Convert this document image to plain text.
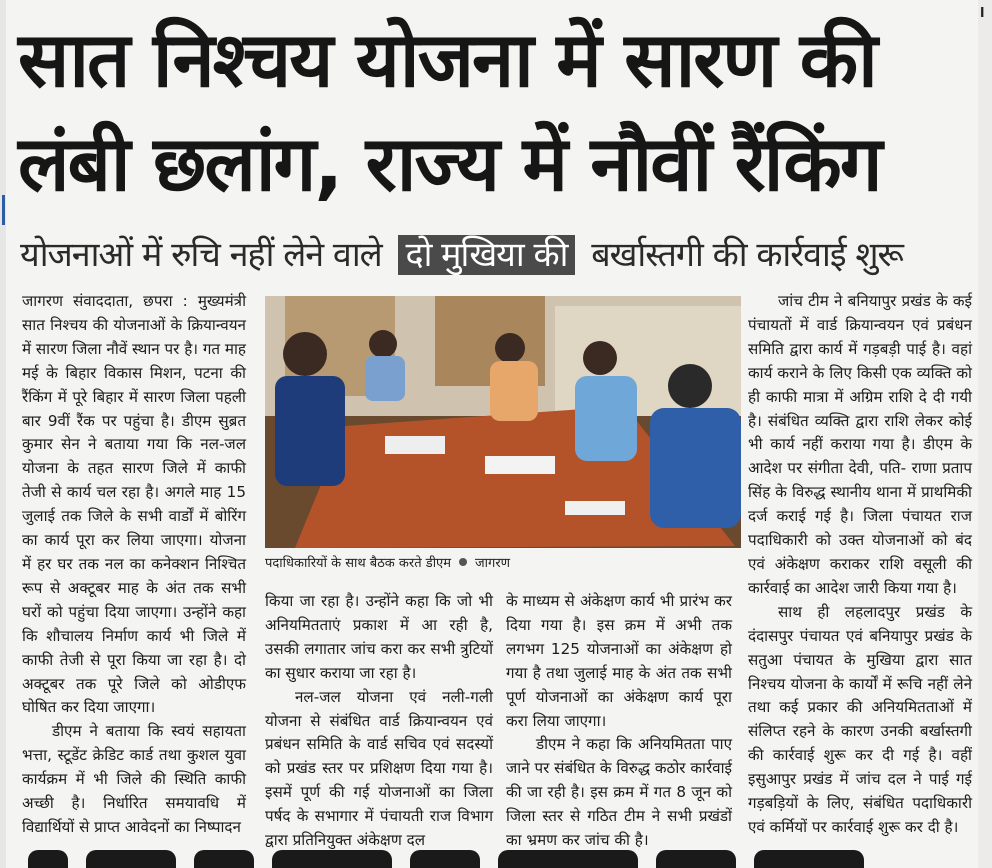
सात निश्चय योजना में सारण की
लंबी छलांग, राज्य में नौवीं रैंकिंग
योजनाओं में रुचि नहीं लेने वाले दो मुखिया की बर्खास्तगी की कार्रवाई शुरू

जागरण संवाददाता, छपरा : मुख्यमंत्री सात निश्चय की योजनाओं के क्रियान्वयन में सारण जिला नौवें स्थान पर है। गत माह मई के बिहार विकास मिशन, पटना की रैंकिंग में पूरे बिहार में सारण जिला पहली बार 9वीं रैंक पर पहुंचा है। डीएम सुब्रत कुमार सेन ने बताया गया कि नल-जल योजना के तहत सारण जिले में काफी तेजी से कार्य चल रहा है। अगले माह 15 जुलाई तक जिले के सभी वार्डों में बोरिंग का कार्य पूरा कर लिया जाएगा। योजना में हर घर तक नल का कनेक्शन निश्चित रूप से अक्टूबर माह के अंत तक सभी घरों को पहुंचा दिया जाएगा। उन्होंने कहा कि शौचालय निर्माण कार्य भी जिले में काफी तेजी से पूरा किया जा रहा है। दो अक्टूबर तक पूरे जिले को ओडीएफ घोषित कर दिया जाएगा।

डीएम ने बताया कि स्वयं सहायता भत्ता, स्टूडेंट क्रेडिट कार्ड तथा कुशल युवा कार्यक्रम में भी जिले की स्थिति काफी अच्छी है। निर्धारित समयावधि में विद्यार्थियों से प्राप्त आवेदनों का निष्पादन

पदाधिकारियों के साथ बैठक करते डीएम जागरण

किया जा रहा है। उन्होंने कहा कि जो भी अनियमितताएं प्रकाश में आ रही है, उसकी लगातार जांच करा कर सभी त्रुटियों का सुधार कराया जा रहा है।

नल-जल योजना एवं नली-गली योजना से संबंधित वार्ड क्रियान्वयन एवं प्रबंधन समिति के वार्ड सचिव एवं सदस्यों को प्रखंड स्तर पर प्रशिक्षण दिया गया है। इसमें पूर्ण की गई योजनाओं का जिला पर्षद के सभागार में पंचायती राज विभाग द्वारा प्रतिनियुक्त अंकेक्षण दल

के माध्यम से अंकेक्षण कार्य भी प्रारंभ कर दिया गया है। इस क्रम में अभी तक लगभग 125 योजनाओं का अंकेक्षण हो गया है तथा जुलाई माह के अंत तक सभी पूर्ण योजनाओं का अंकेक्षण कार्य पूरा करा लिया जाएगा।

डीएम ने कहा कि अनियमितता पाए जाने पर संबंधित के विरुद्ध कठोर कार्रवाई की जा रही है। इस क्रम में गत 8 जून को जिला स्तर से गठित टीम ने सभी प्रखंडों का भ्रमण कर जांच की है।

जांच टीम ने बनियापुर प्रखंड के कई पंचायतों में वार्ड क्रियान्वयन एवं प्रबंधन समिति द्वारा कार्य में गड़बड़ी पाई है। वहां कार्य कराने के लिए किसी एक व्यक्ति को ही काफी मात्रा में अग्रिम राशि दे दी गयी है। संबंधित व्यक्ति द्वारा राशि लेकर कोई भी कार्य नहीं कराया गया है। डीएम के आदेश पर संगीता देवी, पति- राणा प्रताप सिंह के विरुद्ध स्थानीय थाना में प्राथमिकी दर्ज कराई गई है। जिला पंचायत राज पदाधिकारी को उक्त योजनाओं को बंद एवं अंकेक्षण कराकर राशि वसूली की कार्रवाई का आदेश जारी किया गया है।

साथ ही लहलादपुर प्रखंड के दंदासपुर पंचायत एवं बनियापुर प्रखंड के सतुआ पंचायत के मुखिया द्वारा सात निश्चय योजना के कार्यों में रूचि नहीं लेने तथा कई प्रकार की अनियमितताओं में संलिप्त रहने के कारण उनकी बर्खास्तगी की कार्रवाई शुरू कर दी गई है। वहीं इसुआपुर प्रखंड में जांच दल ने पाई गई गड़बड़ियों के लिए, संबंधित पदाधिकारी एवं कर्मियों पर कार्रवाई शुरू कर दी है।

l
